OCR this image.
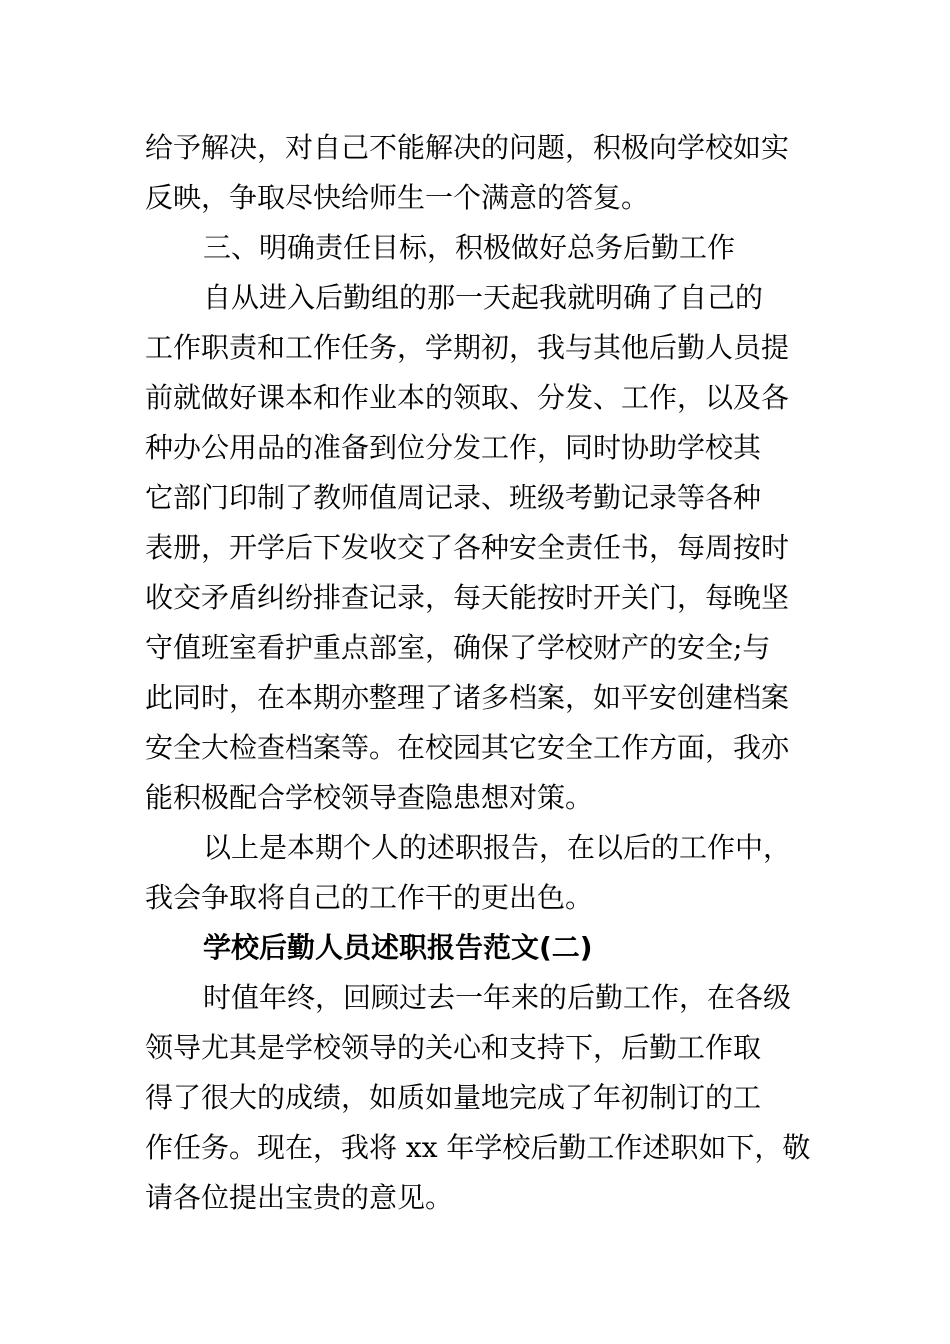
给予解决，对自己不能解决的问题，积极向学校如实
反映，争取尽快给师生一个满意的答复。
三、明确责任目标，积极做好总务后勤工作
自从进入后勤组的那一天起我就明确了自己的
工作职责和工作任务，学期初，我与其他后勤人员提
前就做好课本和作业本的领取、分发、工作，以及各
种办公用品的准备到位分发工作，同时协助学校其
它部门印制了教师值周记录、班级考勤记录等各种
表册，开学后下发收交了各种安全责任书，每周按时
收交矛盾纠纷排查记录，每天能按时开关门，每晚坚
守值班室看护重点部室，确保了学校财产的安全;与
此同时，在本期亦整理了诸多档案，如平安创建档案
安全大检查档案等。在校园其它安全工作方面，我亦
能积极配合学校领导查隐患想对策。
以上是本期个人的述职报告，在以后的工作中，
我会争取将自己的工作干的更出色。
学校后勤人员述职报告范文(二)
时值年终，回顾过去一年来的后勤工作，在各级
领导尤其是学校领导的关心和支持下，后勤工作取
得了很大的成绩，如质如量地完成了年初制订的工
作任务。现在，我将 xx 年学校后勤工作述职如下，敬
请各位提出宝贵的意见。
